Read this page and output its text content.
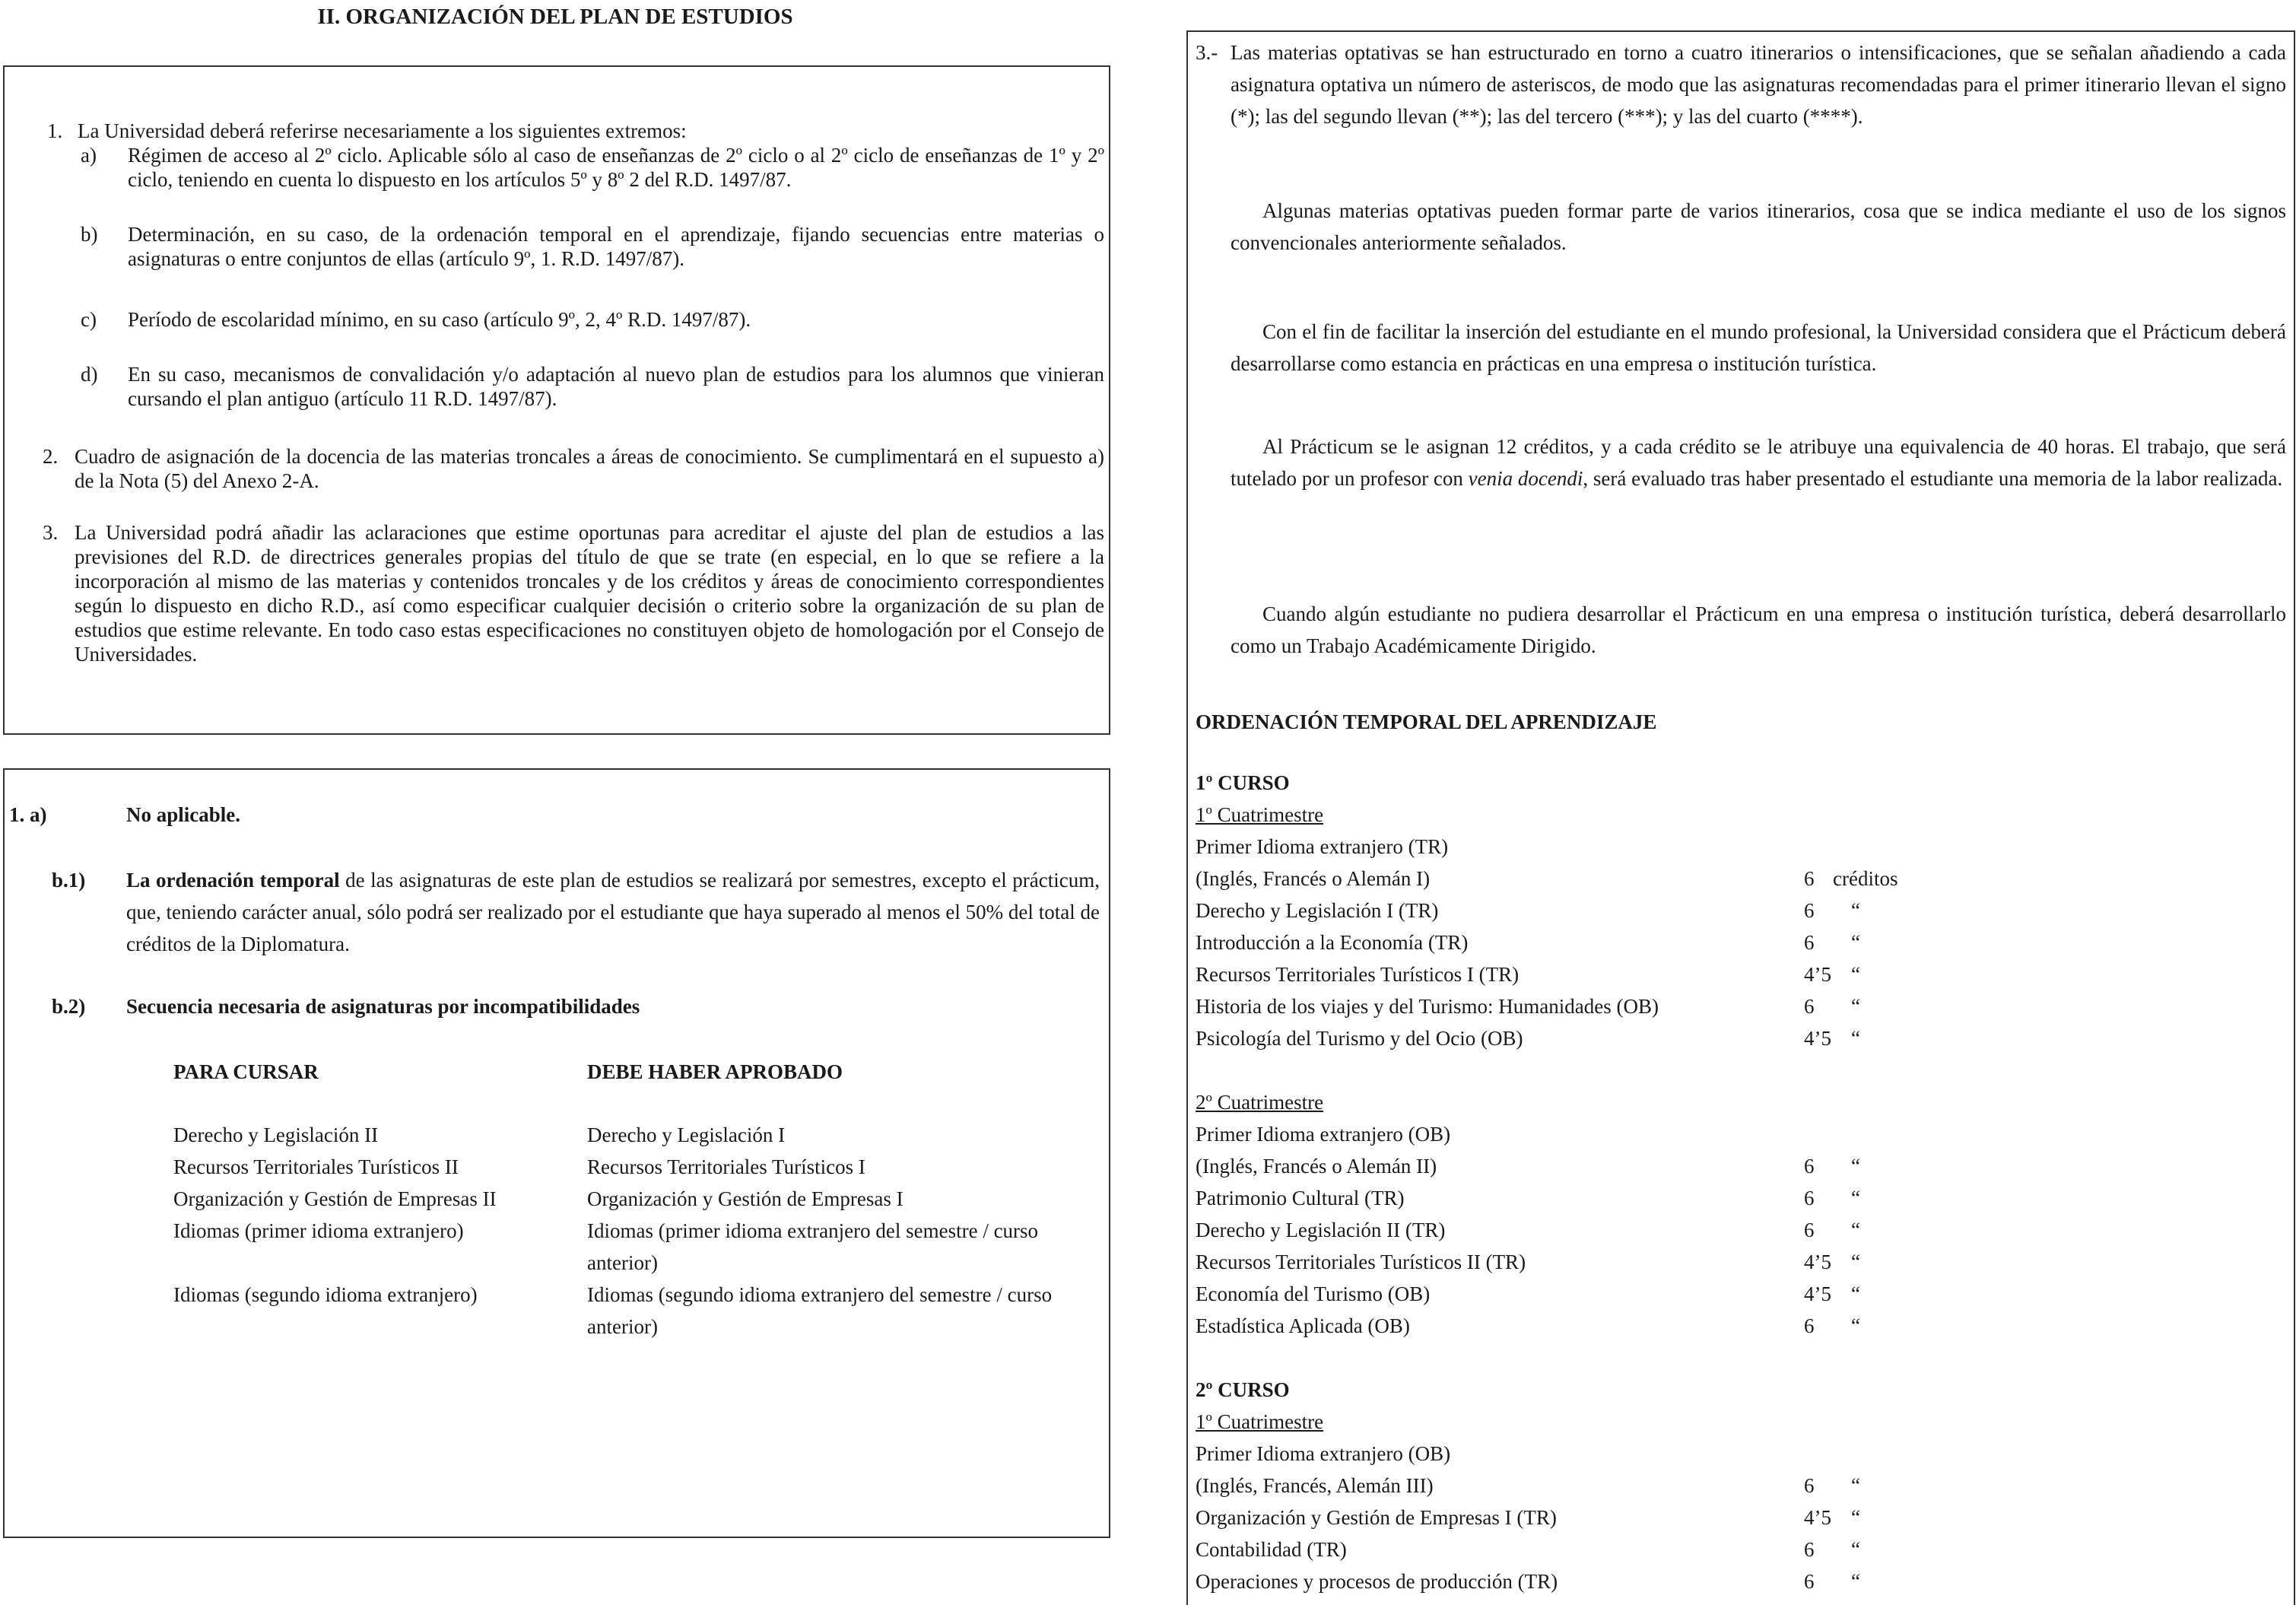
II. ORGANIZACIÓN DEL PLAN DE ESTUDIOS
1. La Universidad deberá referirse necesariamente a los siguientes extremos:
a) Régimen de acceso al 2º ciclo. Aplicable sólo al caso de enseñanzas de 2º ciclo o al 2º ciclo de enseñanzas de 1º y 2º ciclo, teniendo en cuenta lo dispuesto en los artículos 5º y 8º 2 del R.D. 1497/87.
b) Determinación, en su caso, de la ordenación temporal en el aprendizaje, fijando secuencias entre materias o asignaturas o entre conjuntos de ellas (artículo 9º, 1. R.D. 1497/87).
c) Período de escolaridad mínimo, en su caso (artículo 9º, 2, 4º R.D. 1497/87).
d) En su caso, mecanismos de convalidación y/o adaptación al nuevo plan de estudios para los alumnos que vinieran cursando el plan antiguo (artículo 11 R.D. 1497/87).
2. Cuadro de asignación de la docencia de las materias troncales a áreas de conocimiento. Se cumplimentará en el supuesto a) de la Nota (5) del Anexo 2-A.
3. La Universidad podrá añadir las aclaraciones que estime oportunas para acreditar el ajuste del plan de estudios a las previsiones del R.D. de directrices generales propias del título de que se trate (en especial, en lo que se refiere a la incorporación al mismo de las materias y contenidos troncales y de los créditos y áreas de conocimiento correspondientes según lo dispuesto en dicho R.D., así como especificar cualquier decisión o criterio sobre la organización de su plan de estudios que estime relevante. En todo caso estas especificaciones no constituyen objeto de homologación por el Consejo de Universidades.
1. a)	No aplicable.
b.1) La ordenación temporal de las asignaturas de este plan de estudios se realizará por semestres, excepto el prácticum, que, teniendo carácter anual, sólo podrá ser realizado por el estudiante que haya superado al menos el 50% del total de créditos de la Diplomatura.
b.2) Secuencia necesaria de asignaturas por incompatibilidades
PARA CURSAR	DEBE HABER APROBADO
Derecho y Legislación II	Derecho y Legislación I
Recursos Territoriales Turísticos II	Recursos Territoriales Turísticos I
Organización y Gestión de Empresas II	Organización y Gestión de Empresas I
Idiomas (primer idioma extranjero)	Idiomas (primer idioma extranjero del semestre / curso anterior)
Idiomas (segundo idioma extranjero)	Idiomas (segundo idioma extranjero del semestre / curso anterior)
3.- Las materias optativas se han estructurado en torno a cuatro itinerarios o intensificaciones, que se señalan añadiendo a cada asignatura optativa un número de asteriscos, de modo que las asignaturas recomendadas para el primer itinerario llevan el signo (*); las del segundo llevan (**); las del tercero (***); y las del cuarto (****).
Algunas materias optativas pueden formar parte de varios itinerarios, cosa que se indica mediante el uso de los signos convencionales anteriormente señalados.
Con el fin de facilitar la inserción del estudiante en el mundo profesional, la Universidad considera que el Prácticum deberá desarrollarse como estancia en prácticas en una empresa o institución turística.
Al Prácticum se le asignan 12 créditos, y a cada crédito se le atribuye una equivalencia de 40 horas. El trabajo, que será tutelado por un profesor con venia docendi, será evaluado tras haber presentado el estudiante una memoria de la labor realizada.
Cuando algún estudiante no pudiera desarrollar el Prácticum en una empresa o institución turística, deberá desarrollarlo como un Trabajo Académicamente Dirigido.
ORDENACIÓN TEMPORAL DEL APRENDIZAJE
1º CURSO
1º Cuatrimestre
Primer Idioma extranjero (TR)
(Inglés, Francés o Alemán I)	6 créditos
Derecho y Legislación I (TR)	6 “
Introducción a la Economía (TR)	6 “
Recursos Territoriales Turísticos I (TR)	4’5 “
Historia de los viajes y del Turismo: Humanidades (OB)	6 “
Psicología del Turismo y del Ocio (OB)	4’5 “
2º Cuatrimestre
Primer Idioma extranjero (OB)
(Inglés, Francés o Alemán II)	6 “
Patrimonio Cultural (TR)	6 “
Derecho y Legislación II (TR)	6 “
Recursos Territoriales Turísticos II (TR)	4’5 “
Economía del Turismo (OB)	4’5 “
Estadística Aplicada (OB)	6 “
2º CURSO
1º Cuatrimestre
Primer Idioma extranjero (OB)
(Inglés, Francés, Alemán III)	6 “
Organización y Gestión de Empresas I (TR)	4’5 “
Contabilidad (TR)	6 “
Operaciones y procesos de producción (TR)	6 “
